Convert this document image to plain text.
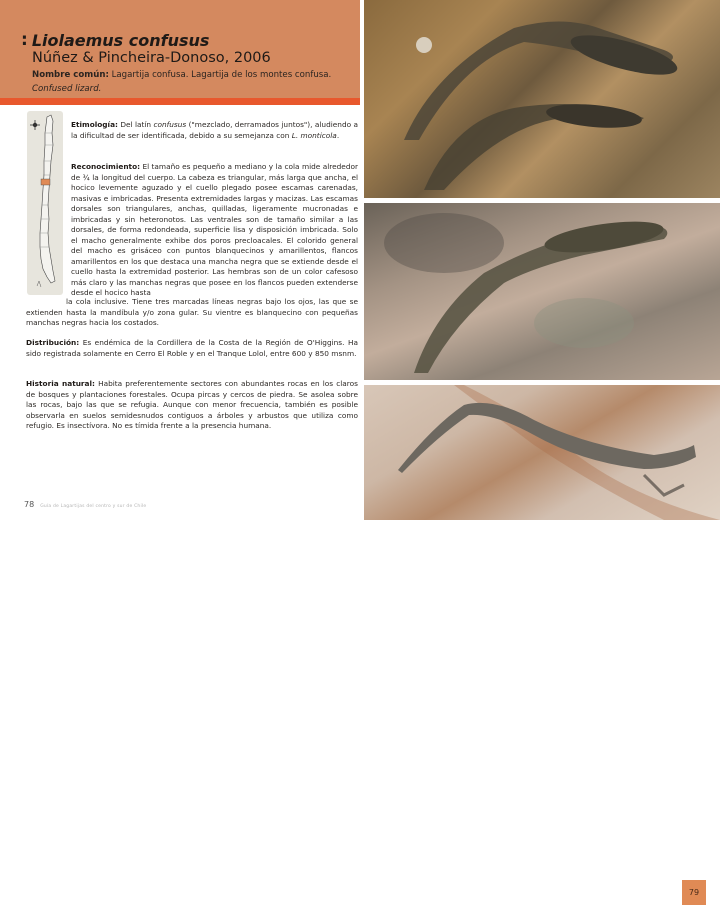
: Liolaemus confusus
Núñez & Pincheira-Donoso, 2006
Nombre común: Lagartija confusa. Lagartija de los montes confusa.
Confused lizard.
Etimología: Del latín confusus ("mezclado, derramados juntos"), aludiendo a la dificultad de ser identificada, debido a su semejanza con L. monticola.
Reconocimiento: El tamaño es pequeño a mediano y la cola mide alrededor de ¾ la longitud del cuerpo. La cabeza es triangular, más larga que ancha, el hocico levemente aguzado y el cuello plegado posee escamas carenadas, masivas e imbricadas. Presenta extremidades largas y macizas. Las escamas dorsales son triangulares, anchas, quilladas, ligeramente mucronadas e imbricadas y sin heteronotos. Las ventrales son de tamaño similar a las dorsales, de forma redondeada, superficie lisa y disposición imbricada. Solo el macho generalmente exhibe dos poros precloacales. El colorido general del macho es grisáceo con puntos blanquecinos y amarillentos, flancos amarillentos en los que destaca una mancha negra que se extiende desde el cuello hasta la extremidad posterior. Las hembras son de un color cafesoso más claro y las manchas negras que posee en los flancos pueden extenderse desde el hocico hasta
la cola inclusive. Tiene tres marcadas líneas negras bajo los ojos, las que se extienden hasta la mandíbula y/o zona gular. Su vientre es blanquecino con pequeñas manchas negras hacia los costados.
Distribución: Es endémica de la Cordillera de la Costa de la Región de O'Higgins. Ha sido registrada solamente en Cerro El Roble y en el Tranque Lolol, entre 600 y 850 msnm.
Historia natural: Habita preferentemente sectores con abundantes rocas en los claros de bosques y plantaciones forestales. Ocupa pircas y cercos de piedra. Se asolea sobre las rocas, bajo las que se refugia. Aunque con menor frecuencia, también es posible observarla en suelos semidesnudos contiguos a árboles y arbustos que utiliza como refugio. Es insectívora. No es tímida frente a la presencia humana.
78 Guía de Lagartijas del centro y sur de Chile
79
